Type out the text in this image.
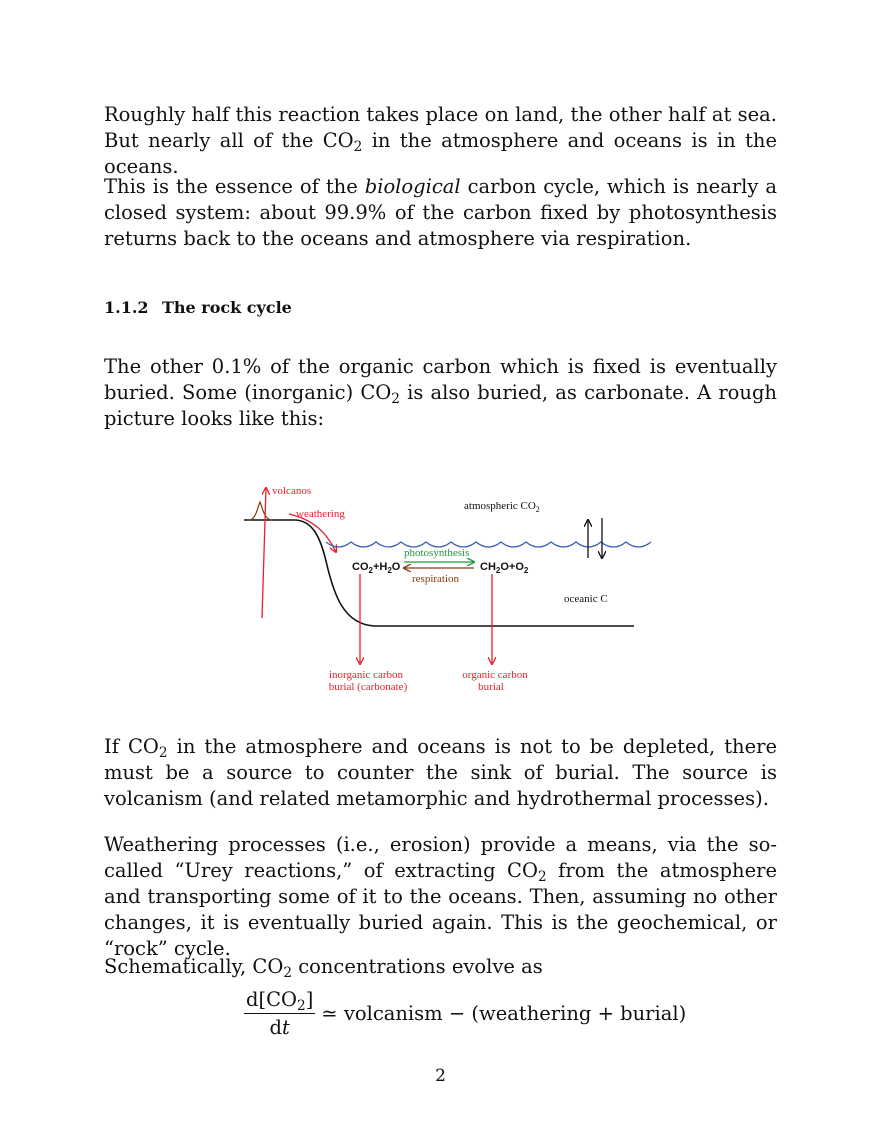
Roughly half this reaction takes place on land, the other half at sea. But nearly all of the $CO_2$ in the atmosphere and oceans is in the oceans.

This is the essence of the biological carbon cycle, which is nearly a closed system: about 99.9% of the carbon fixed by photosynthesis returns back to the oceans and atmosphere via respiration.

1.1.2 The rock cycle

The other 0.1% of the organic carbon which is fixed is eventually buried. Some (inorganic) $CO_2$ is also buried, as carbonate. A rough picture looks like this:

volcanos
weathering
atmospheric $CO_2$
photosynthesis
respiration
$CO_2+H_2O$	$CH_2O+O_2$
oceanic C
inorganic carbon
burial (carbonate)
organic carbon
burial

If $CO_2$ in the atmosphere and oceans is not to be depleted, there must be a source to counter the sink of burial. The source is volcanism (and related metamorphic and hydrothermal processes).

Weathering processes (i.e., erosion) provide a means, via the so-called “Urey reactions,” of extracting $CO_2$ from the atmosphere and transporting some of it to the oceans. Then, assuming no other changes, it is eventually buried again. This is the geochemical, or “rock” cycle.

Schematically, $CO_2$ concentrations evolve as

$\frac{d[CO_2]}{dt}$ ≃ volcanism − (weathering + burial)
2
